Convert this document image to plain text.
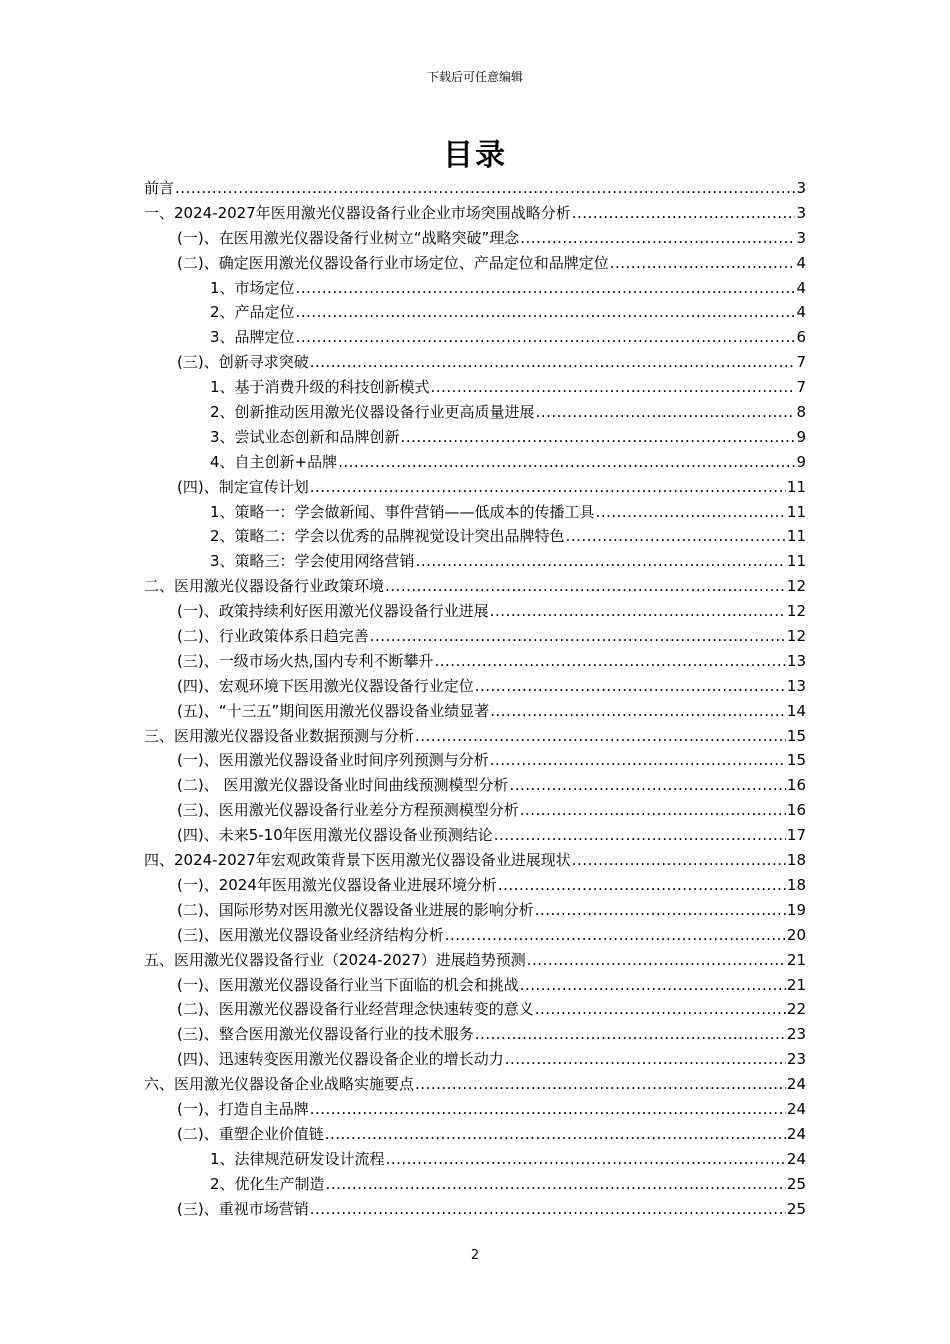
下载后可任意编辑
目录
前言 .....	3
一、2024-2027年医用激光仪器设备行业企业市场突围战略分析 .....	3
(一)、在医用激光仪器设备行业树立“战略突破”理念 .....	3
(二)、确定医用激光仪器设备行业市场定位、产品定位和品牌定位 .....	4
1、市场定位 .....	4
2、产品定位 .....	4
3、品牌定位 .....	6
(三)、创新寻求突破 .....	7
1、基于消费升级的科技创新模式 .....	7
2、创新推动医用激光仪器设备行业更高质量进展 .....	8
3、尝试业态创新和品牌创新 .....	9
4、自主创新+品牌 .....	9
(四)、制定宣传计划 .....	11
1、策略一：学会做新闻、事件营销——低成本的传播工具 .....	11
2、策略二：学会以优秀的品牌视觉设计突出品牌特色 .....	11
3、策略三：学会使用网络营销 .....	11
二、医用激光仪器设备行业政策环境 .....	12
(一)、政策持续利好医用激光仪器设备行业进展 .....	12
(二)、行业政策体系日趋完善 .....	12
(三)、一级市场火热,国内专利不断攀升 .....	13
(四)、宏观环境下医用激光仪器设备行业定位 .....	13
(五)、“十三五”期间医用激光仪器设备业绩显著 .....	14
三、医用激光仪器设备业数据预测与分析 .....	15
(一)、医用激光仪器设备业时间序列预测与分析 .....	15
(二)、 医用激光仪器设备业时间曲线预测模型分析 .....	16
(三)、医用激光仪器设备行业差分方程预测模型分析 .....	16
(四)、未来5-10年医用激光仪器设备业预测结论 .....	17
四、2024-2027年宏观政策背景下医用激光仪器设备业进展现状 .....	18
(一)、2024年医用激光仪器设备业进展环境分析 .....	18
(二)、国际形势对医用激光仪器设备业进展的影响分析 .....	19
(三)、医用激光仪器设备业经济结构分析 .....	20
五、医用激光仪器设备行业（2024-2027）进展趋势预测 .....	21
(一)、医用激光仪器设备行业当下面临的机会和挑战 .....	21
(二)、医用激光仪器设备行业经营理念快速转变的意义 .....	22
(三)、整合医用激光仪器设备行业的技术服务 .....	23
(四)、迅速转变医用激光仪器设备企业的增长动力 .....	23
六、医用激光仪器设备企业战略实施要点 .....	24
(一)、打造自主品牌 .....	24
(二)、重塑企业价值链 .....	24
1、法律规范研发设计流程 .....	24
2、优化生产制造 .....	25
(三)、重视市场营销 .....	25
2
